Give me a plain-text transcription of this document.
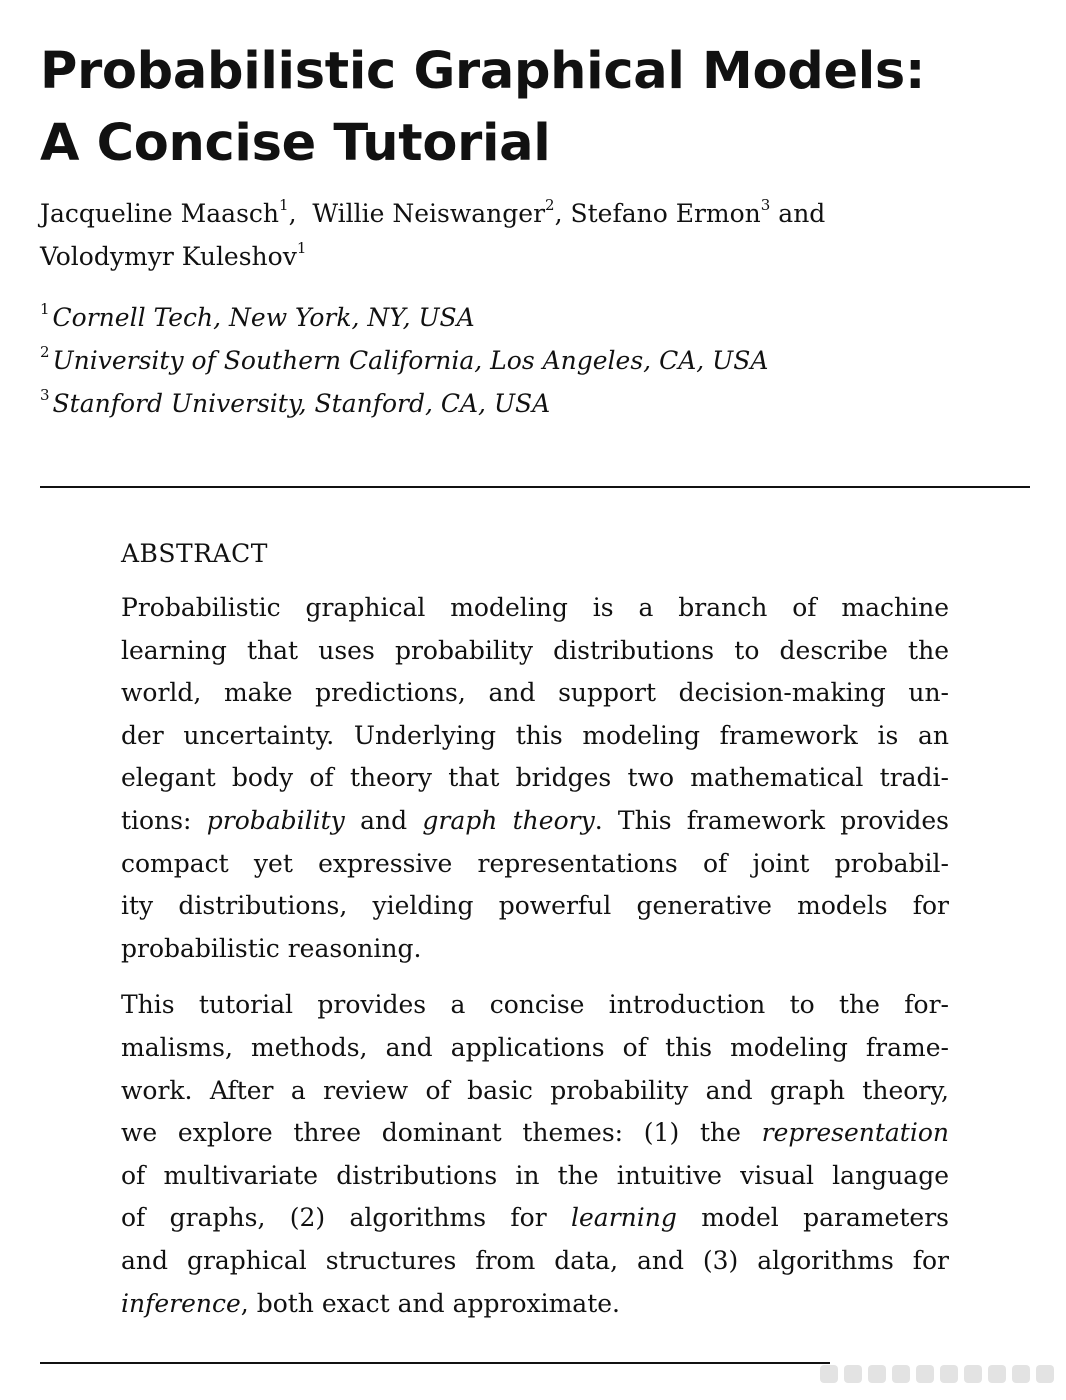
Probabilistic Graphical Models:
A Concise Tutorial
Jacqueline Maasch$^1$,  Willie Neiswanger$^2$, Stefano Ermon$^3$ and
Volodymyr Kuleshov$^1$
$^1$ Cornell Tech, New York, NY, USA
$^2$ University of Southern California, Los Angeles, CA, USA
$^3$ Stanford University, Stanford, CA, USA
ABSTRACT

Probabilistic graphical modeling is a branch of machine
learning that uses probability distributions to describe the
world, make predictions, and support decision-making un-
der uncertainty. Underlying this modeling framework is an
elegant body of theory that bridges two mathematical tradi-
tions: probability and graph theory. This framework provides
compact yet expressive representations of joint probabil-
ity distributions, yielding powerful generative models for
probabilistic reasoning.

This tutorial provides a concise introduction to the for-
malisms, methods, and applications of this modeling frame-
work. After a review of basic probability and graph theory,
we explore three dominant themes: (1) the representation
of multivariate distributions in the intuitive visual language
of graphs, (2) algorithms for learning model parameters
and graphical structures from data, and (3) algorithms for
inference, both exact and approximate.
